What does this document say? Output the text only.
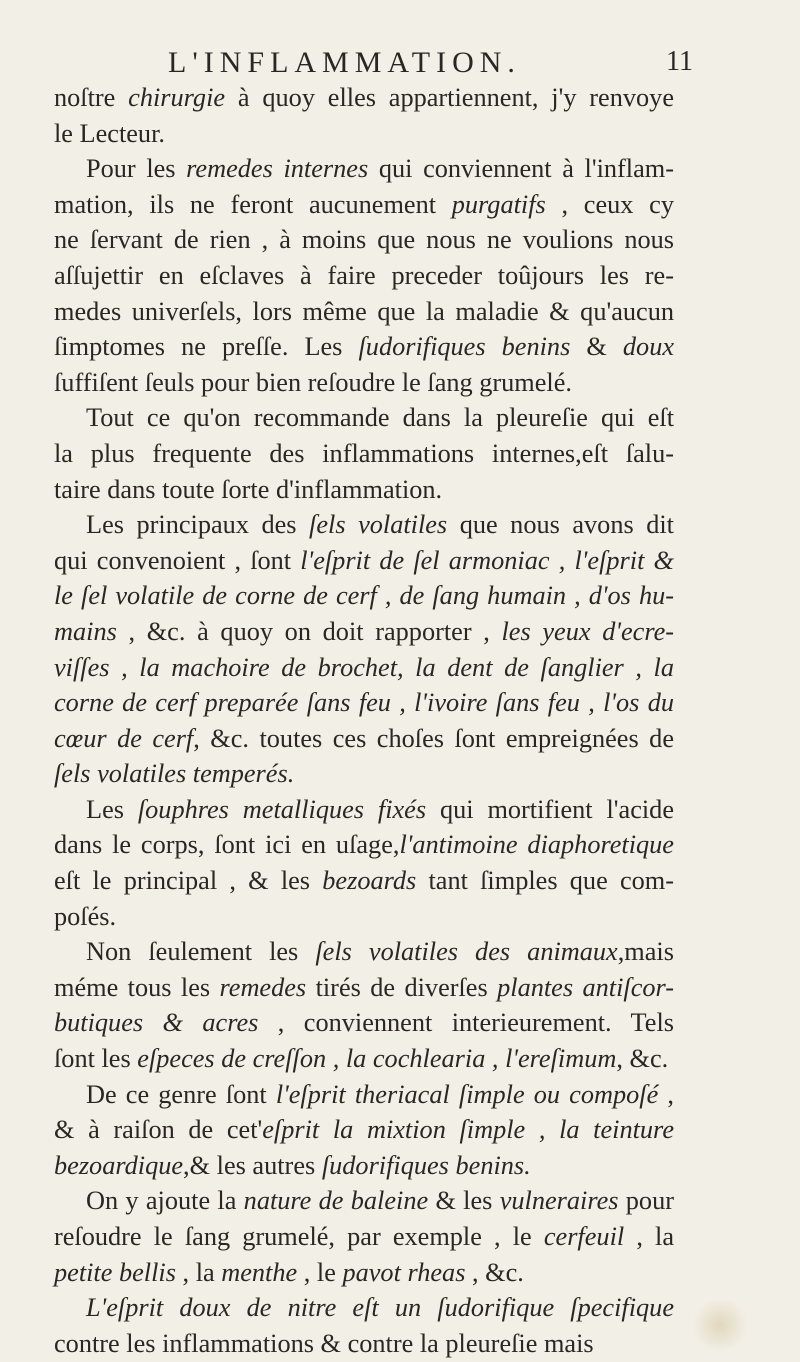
L'INFLAMMATION.	11
noſtre chirurgie à quoy elles appartiennent, j'y renvoye
le Lecteur.
Pour les remedes internes qui conviennent à l'inflam-
mation, ils ne feront aucunement purgatifs , ceux cy
ne ſervant de rien , à moins que nous ne voulions nous
aſſujettir en eſclaves à faire preceder toûjours les re-
medes univerſels, lors même que la maladie & qu'aucun
ſimptomes ne preſſe. Les ſudorifiques benins & doux
ſuffiſent ſeuls pour bien reſoudre le ſang grumelé.
Tout ce qu'on recommande dans la pleureſie qui eſt
la plus frequente des inflammations internes,eſt ſalu-
taire dans toute ſorte d'inflammation.
Les principaux des ſels volatiles que nous avons dit
qui convenoient , ſont l'eſprit de ſel armoniac , l'eſprit &
le ſel volatile de corne de cerf , de ſang humain , d'os hu-
mains , &c. à quoy on doit rapporter , les yeux d'ecre-
viſſes , la machoire de brochet, la dent de ſanglier , la
corne de cerf preparée ſans feu , l'ivoire ſans feu , l'os du
cœur de cerf, &c. toutes ces choſes ſont empreignées de
ſels volatiles temperés.
Les ſouphres metalliques fixés qui mortifient l'acide
dans le corps, ſont ici en uſage,l'antimoine diaphoretique
eſt le principal , & les bezoards tant ſimples que com-
poſés.
Non ſeulement les ſels volatiles des animaux,mais
méme tous les remedes tirés de diverſes plantes antiſcor-
butiques & acres , conviennent interieurement. Tels
ſont les eſpeces de creſſon , la cochlearia , l'ereſimum, &c.
De ce genre ſont l'eſprit theriacal ſimple ou compoſé ,
& à raiſon de cet'eſprit la mixtion ſimple , la teinture
bezoardique,& les autres ſudorifiques benins.
On y ajoute la nature de baleine & les vulneraires pour
reſoudre le ſang grumelé, par exemple , le cerfeuil , la
petite bellis , la menthe , le pavot rheas , &c.
L'eſprit doux de nitre eſt un ſudorifique ſpecifique
contre les inflammations & contre la pleureſie mais
